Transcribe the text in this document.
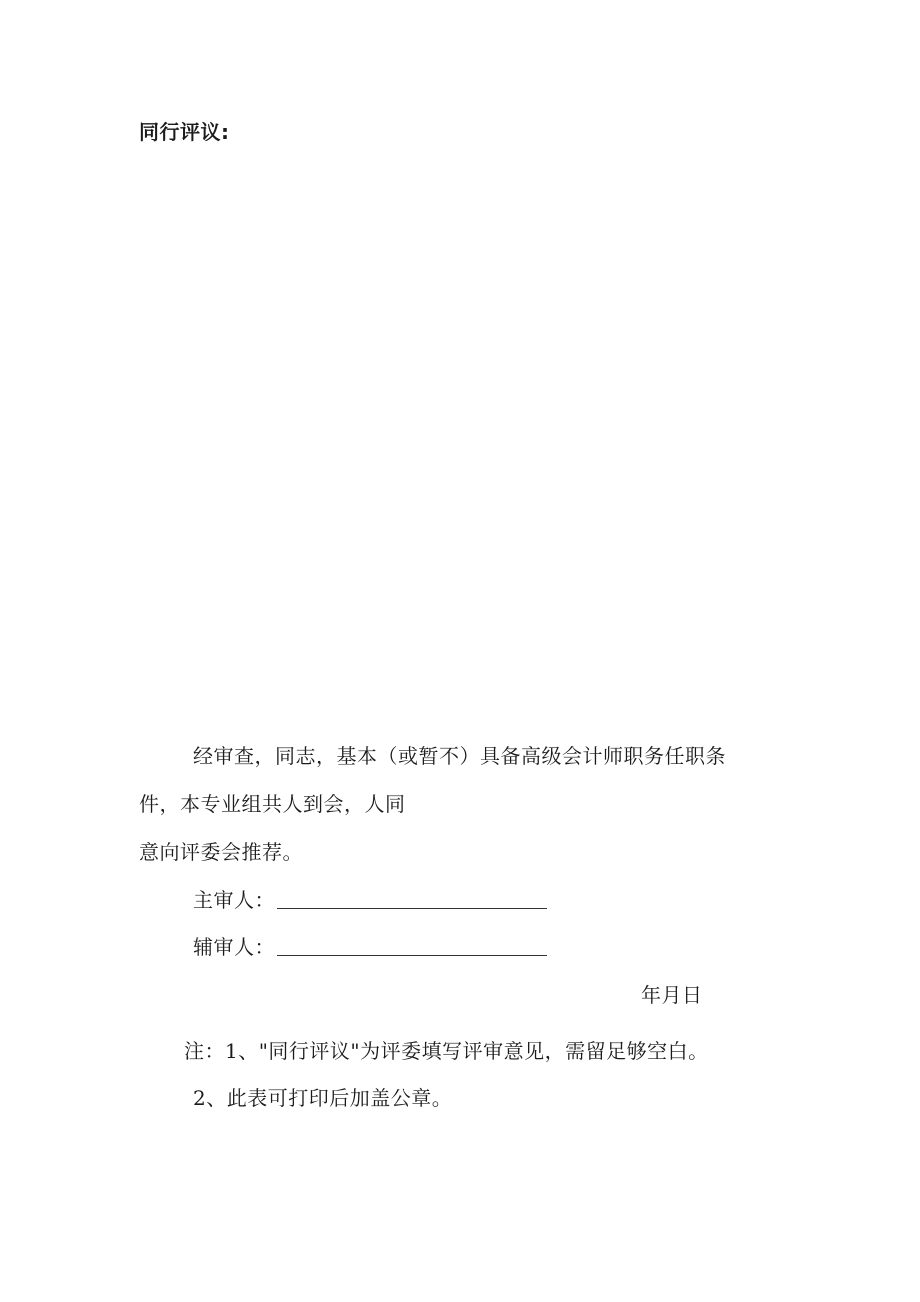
同行评议:
经审查，同志，基本（或暂不）具备高级会计师职务任职条
件，本专业组共人到会，人同
意向评委会推荐。
主审人：
辅审人：
年月日
注：1、"同行评议"为评委填写评审意见，需留足够空白。
2、此表可打印后加盖公章。
